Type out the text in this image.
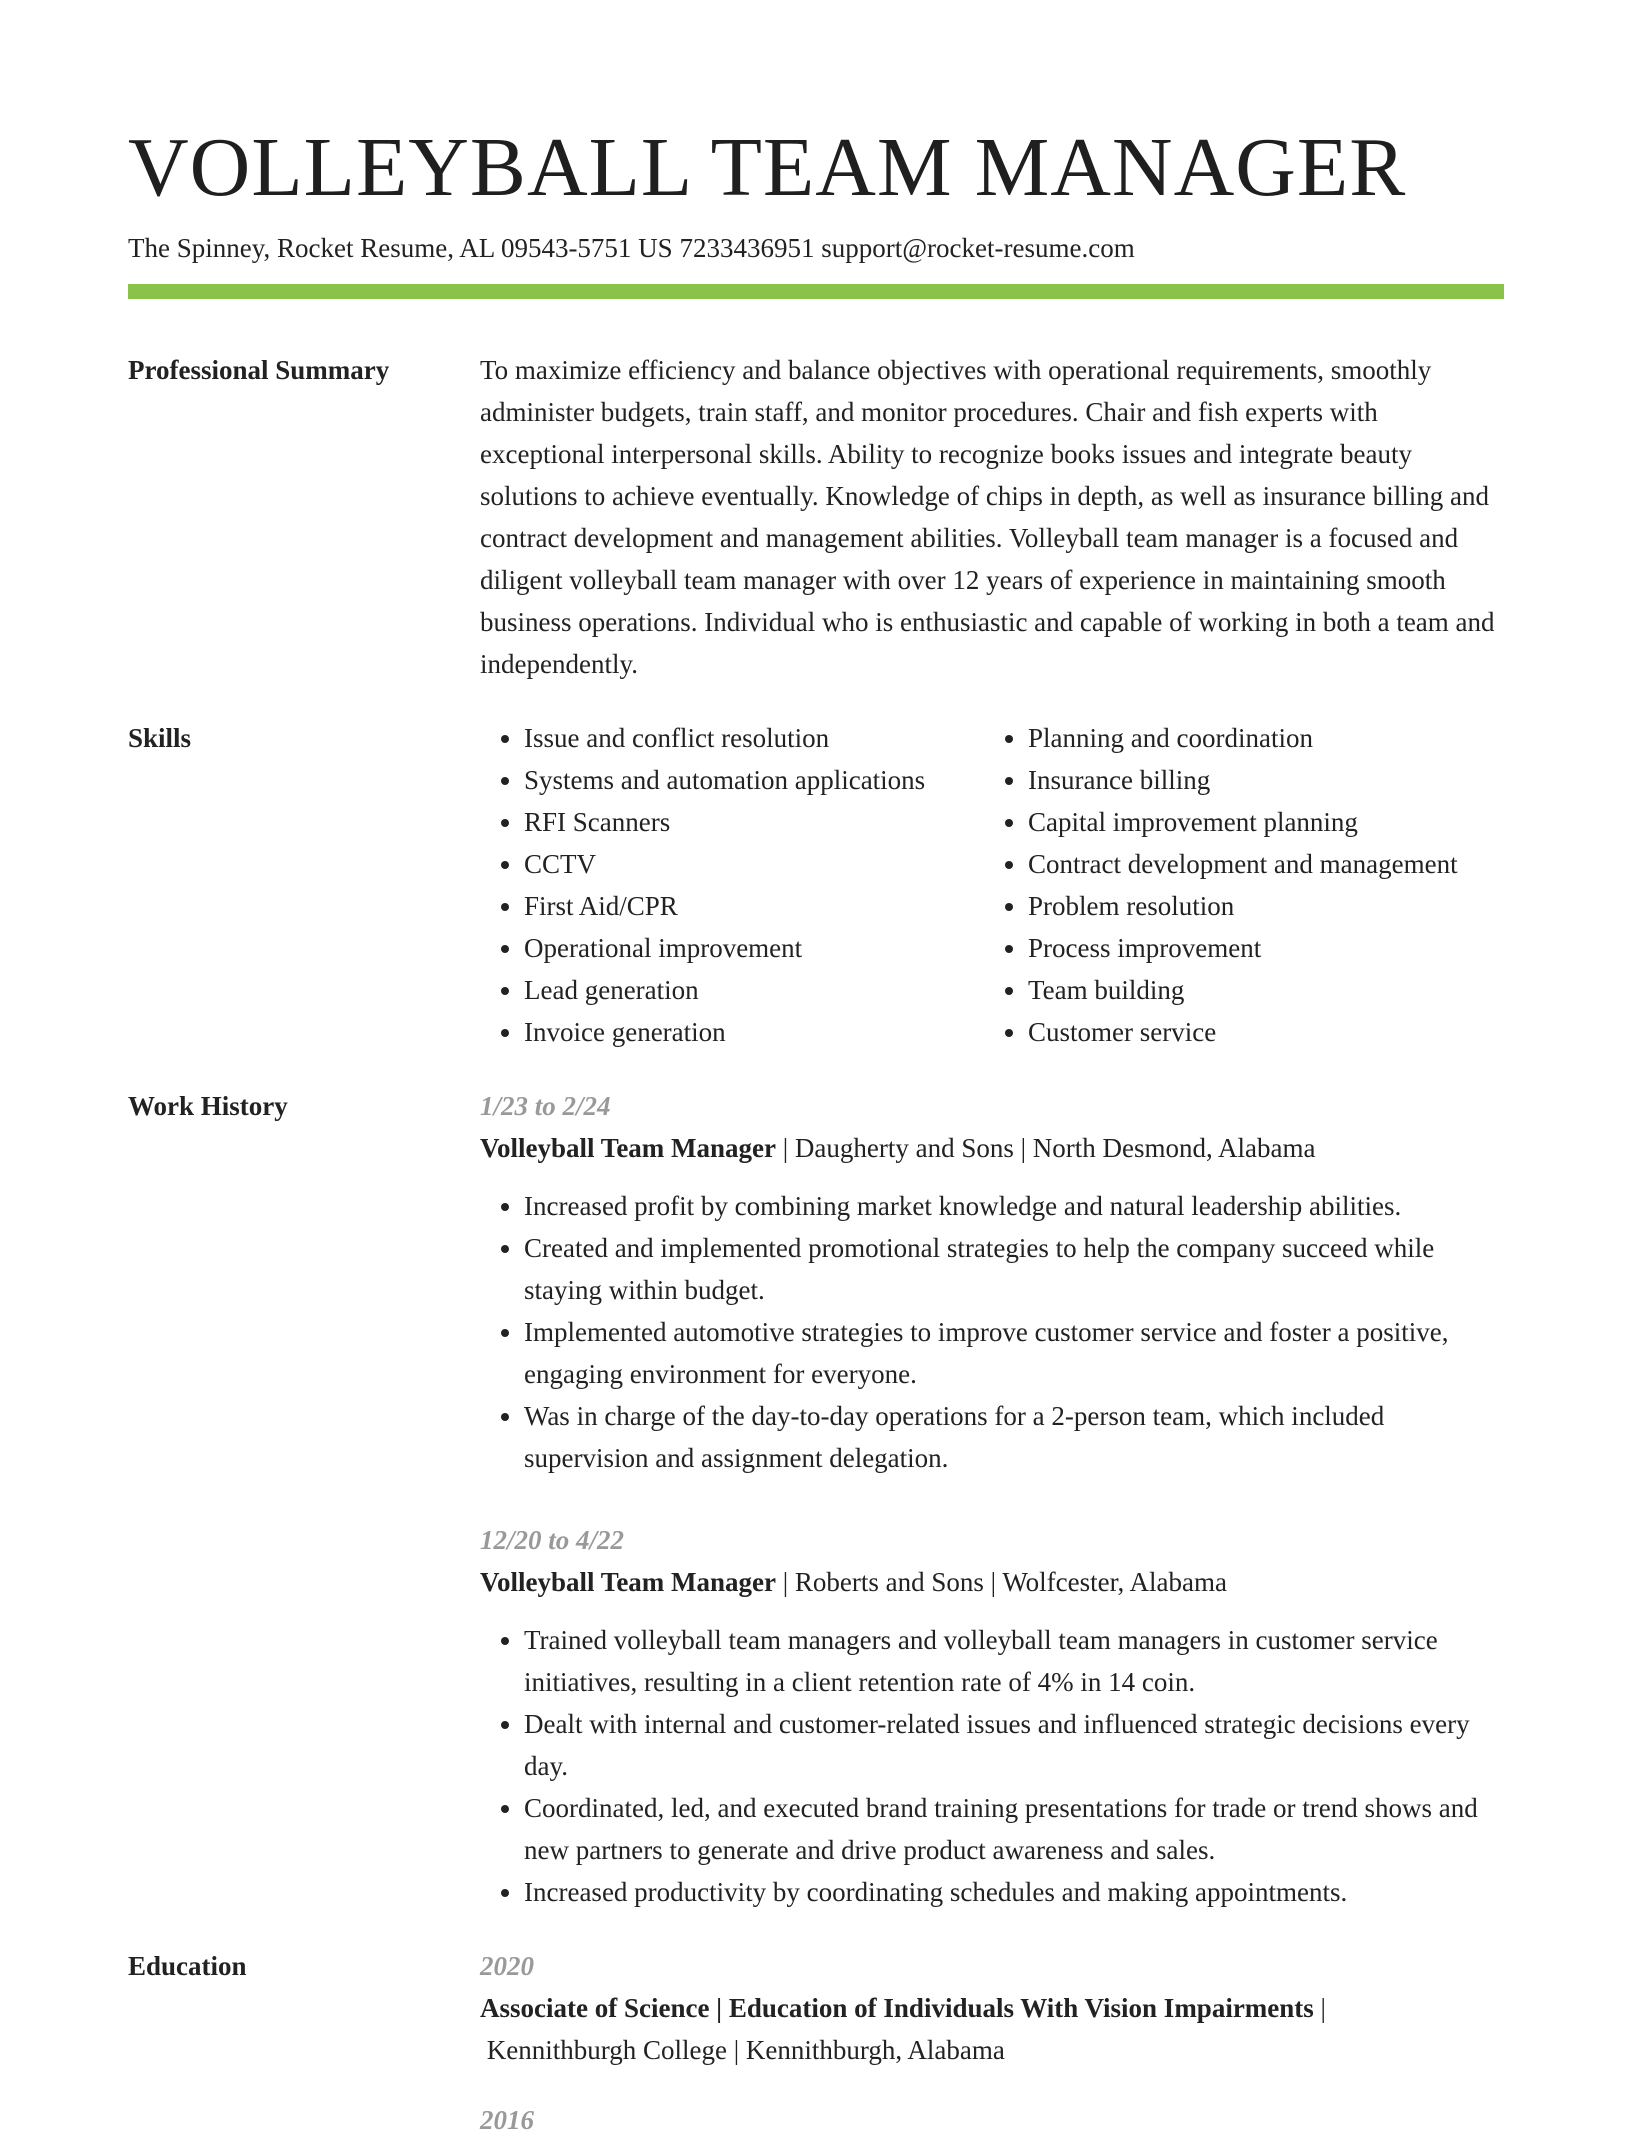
VOLLEYBALL TEAM MANAGER
The Spinney, Rocket Resume, AL 09543-5751 US 7233436951 support@rocket-resume.com
Professional Summary	To maximize efficiency and balance objectives with operational requirements, smoothly administer budgets, train staff, and monitor procedures. Chair and fish experts with exceptional interpersonal skills. Ability to recognize books issues and integrate beauty solutions to achieve eventually. Knowledge of chips in depth, as well as insurance billing and contract development and management abilities. Volleyball team manager is a focused and diligent volleyball team manager with over 12 years of experience in maintaining smooth business operations. Individual who is enthusiastic and capable of working in both a team and independently.
Skills
•	Issue and conflict resolution
• Systems and automation applications
• RFI Scanners
• CCTV
• First Aid/CPR
• Operational improvement
• Lead generation
• Invoice generation
• Planning and coordination
• Insurance billing
• Capital improvement planning
• Contract development and management
• Problem resolution
• Process improvement
• Team building
• Customer service
Work History	1/23 to 2/24
Volleyball Team Manager | Daugherty and Sons | North Desmond, Alabama
• Increased profit by combining market knowledge and natural leadership abilities.
• Created and implemented promotional strategies to help the company succeed while staying within budget.
• Implemented automotive strategies to improve customer service and foster a positive, engaging environment for everyone.
• Was in charge of the day-to-day operations for a 2-person team, which included supervision and assignment delegation.
12/20 to 4/22
Volleyball Team Manager | Roberts and Sons | Wolfcester, Alabama
• Trained volleyball team managers and volleyball team managers in customer service initiatives, resulting in a client retention rate of 4% in 14 coin.
• Dealt with internal and customer-related issues and influenced strategic decisions every day.
• Coordinated, led, and executed brand training presentations for trade or trend shows and new partners to generate and drive product awareness and sales.
• Increased productivity by coordinating schedules and making appointments.
Education	2020
Associate of Science | Education of Individuals With Vision Impairments |
Kennithburgh College | Kennithburgh, Alabama
2016
